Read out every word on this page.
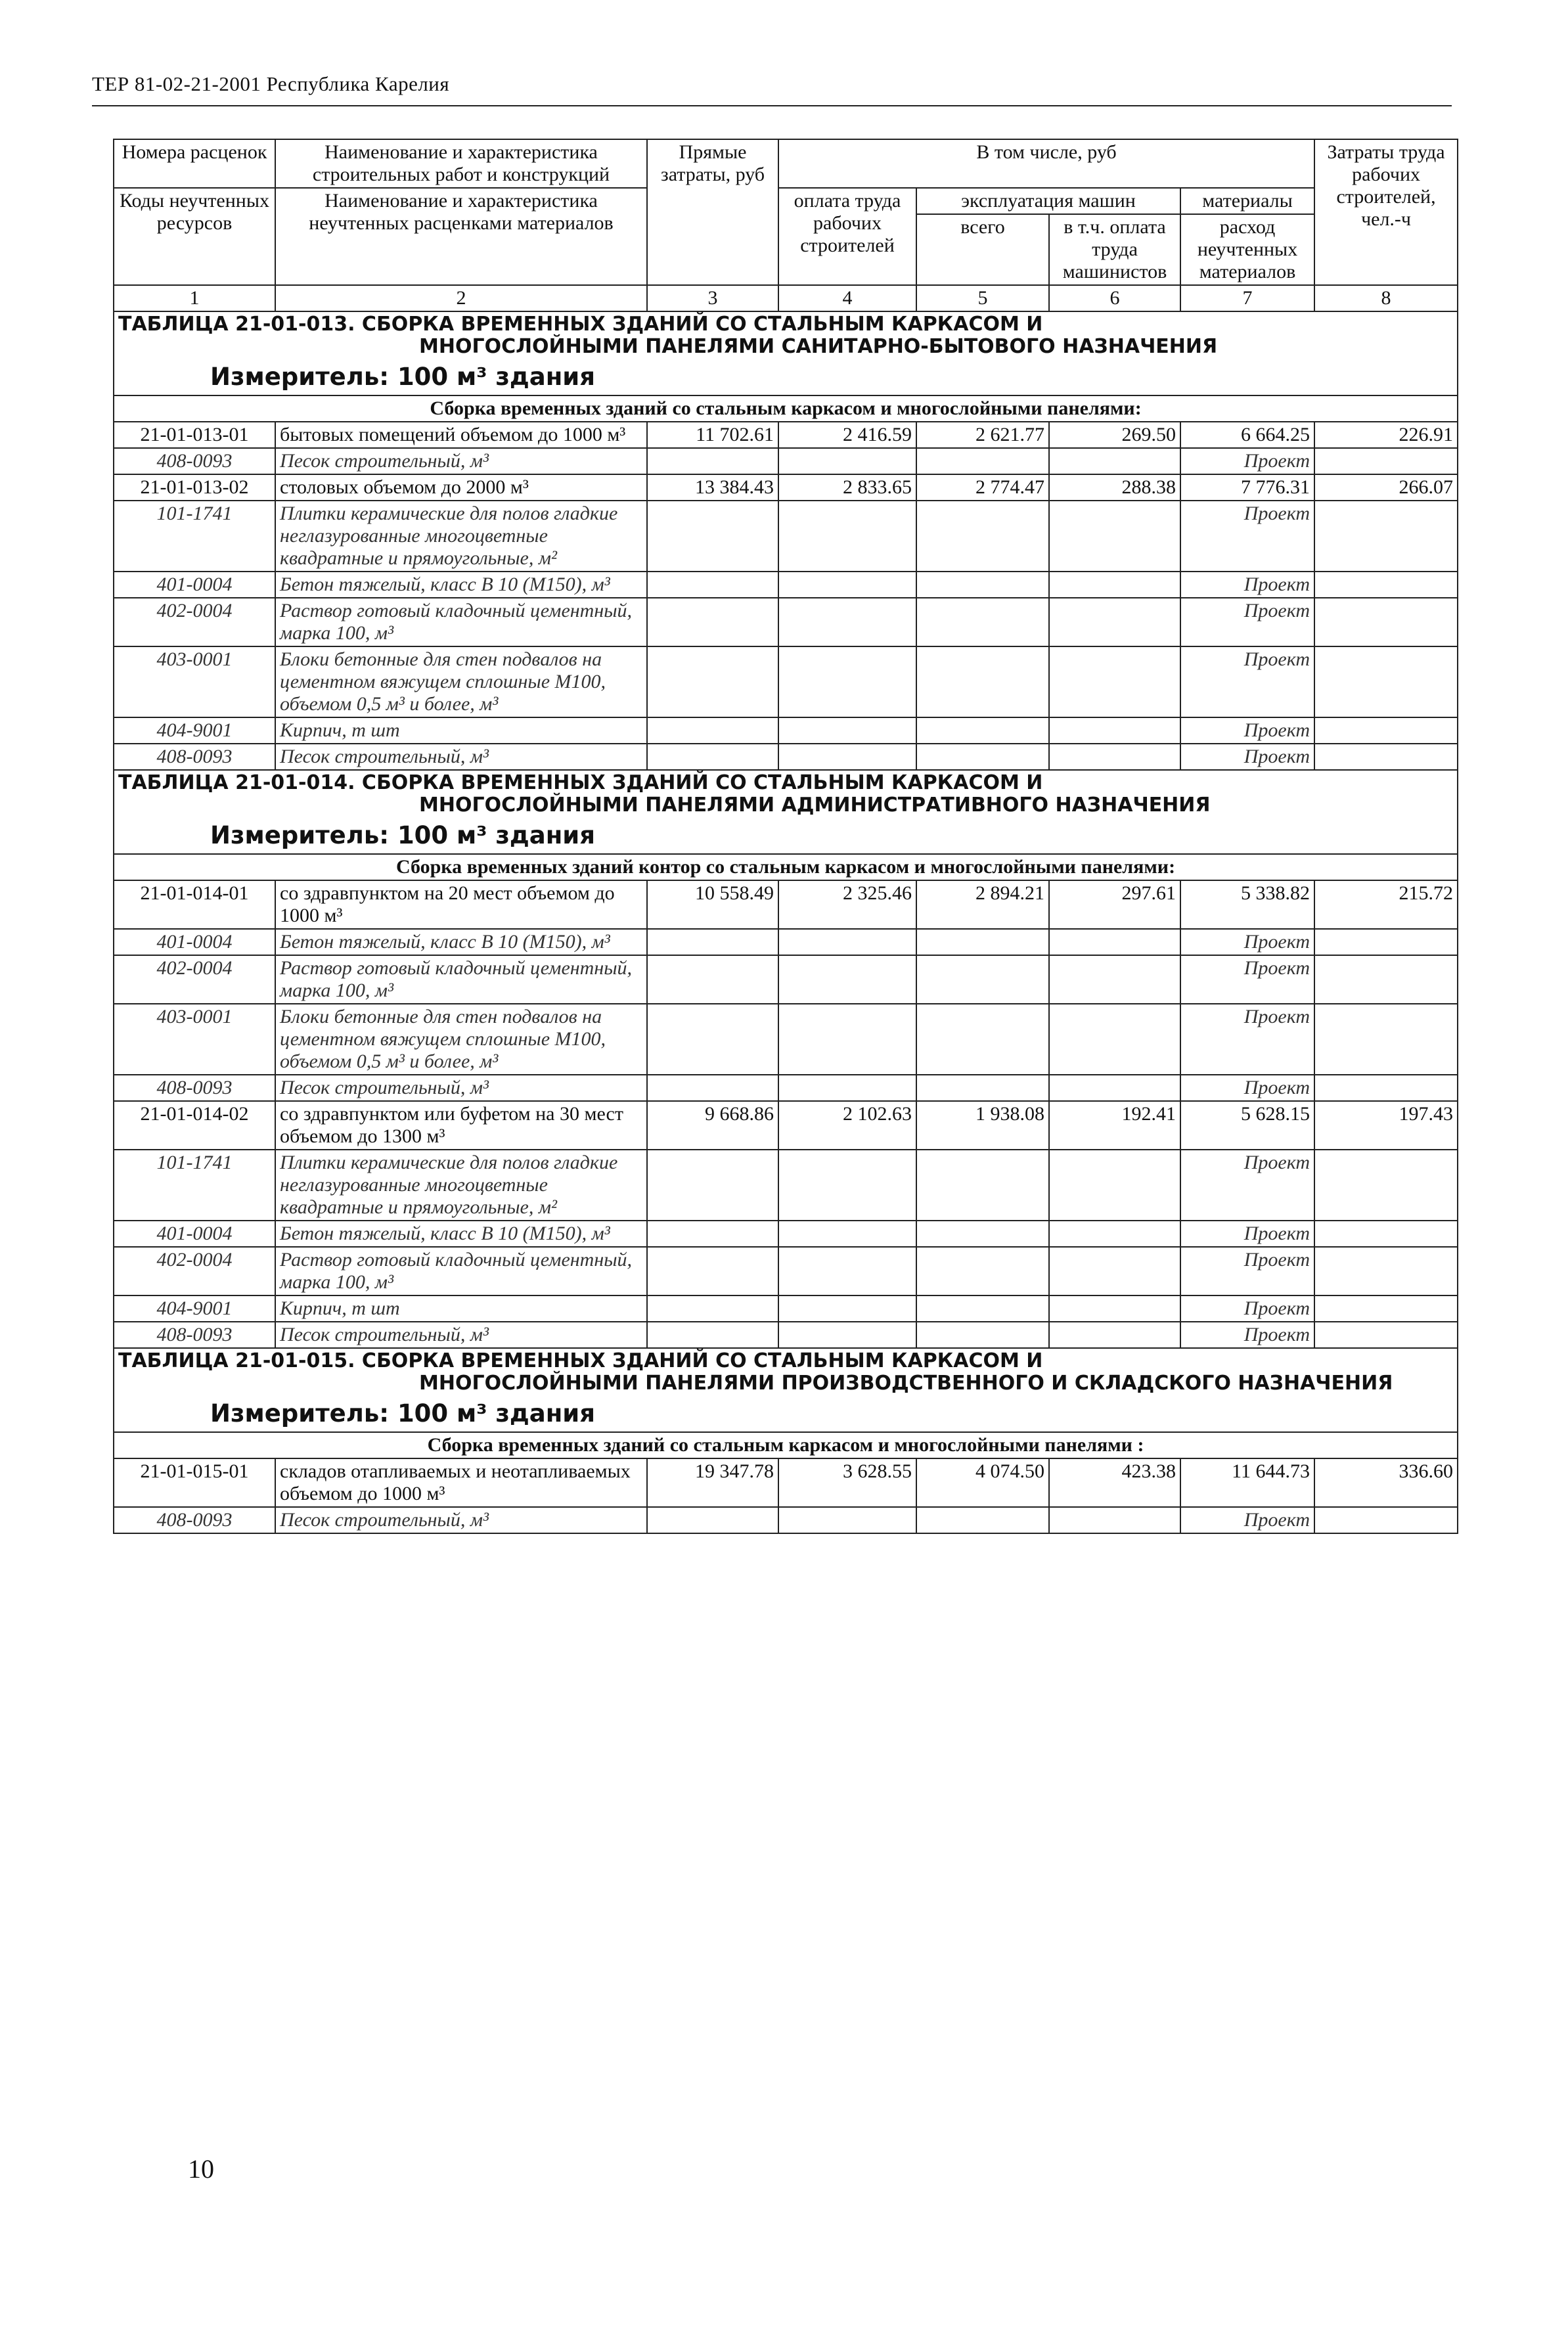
ТЕР 81-02-21-2001 Республика Карелия
Номера расценок	Наименование и характеристика строительных работ и конструкций	Прямые затраты, руб	В том числе, руб				Затраты труда рабочих строителей, чел.-ч
Коды неучтенных ресурсов	Наименование и характеристика неучтенных расценками материалов		оплата труда рабочих строителей	эксплуатация машин		материалы	
				всего	в т.ч. оплата труда машинистов	расход неучтенных материалов	
1	2	3	4	5	6	7	8

ТАБЛИЦА 21-01-013. СБОРКА ВРЕМЕННЫХ ЗДАНИЙ СО СТАЛЬНЫМ КАРКАСОМ И
МНОГОСЛОЙНЫМИ ПАНЕЛЯМИ САНИТАРНО-БЫТОВОГО НАЗНАЧЕНИЯ
Измеритель: 100 м³ здания							

Сборка временных зданий со стальным каркасом и многослойными панелями:							
21-01-013-01	бытовых помещений объемом до 1000 м³	11 702.61	2 416.59	2 621.77	269.50	6 664.25	226.91
408-0093	Песок строительный, м³					Проект	
21-01-013-02	столовых объемом до 2000 м³	13 384.43	2 833.65	2 774.47	288.38	7 776.31	266.07
101-1741	Плитки керамические для полов гладкие неглазурованные многоцветные квадратные и прямоугольные, м²					Проект	
401-0004	Бетон тяжелый, класс В 10 (М150), м³					Проект	
402-0004	Раствор готовый кладочный цементный, марка 100, м³					Проект	
403-0001	Блоки бетонные для стен подвалов на цементном вяжущем сплошные М100, объемом 0,5 м³ и более, м³					Проект	
404-9001	Кирпич, т шт					Проект	
408-0093	Песок строительный, м³					Проект	

ТАБЛИЦА 21-01-014. СБОРКА ВРЕМЕННЫХ ЗДАНИЙ СО СТАЛЬНЫМ КАРКАСОМ И
МНОГОСЛОЙНЫМИ ПАНЕЛЯМИ АДМИНИСТРАТИВНОГО НАЗНАЧЕНИЯ
Измеритель: 100 м³ здания							

Сборка временных зданий контор со стальным каркасом и многослойными панелями:							
21-01-014-01	со здравпунктом на 20 мест объемом до 1000 м³	10 558.49	2 325.46	2 894.21	297.61	5 338.82	215.72
401-0004	Бетон тяжелый, класс В 10 (М150), м³					Проект	
402-0004	Раствор готовый кладочный цементный, марка 100, м³					Проект	
403-0001	Блоки бетонные для стен подвалов на цементном вяжущем сплошные М100, объемом 0,5 м³ и более, м³					Проект	
408-0093	Песок строительный, м³					Проект	
21-01-014-02	со здравпунктом или буфетом на 30 мест объемом до 1300 м³	9 668.86	2 102.63	1 938.08	192.41	5 628.15	197.43
101-1741	Плитки керамические для полов гладкие неглазурованные многоцветные квадратные и прямоугольные, м²					Проект	
401-0004	Бетон тяжелый, класс В 10 (М150), м³					Проект	
402-0004	Раствор готовый кладочный цементный, марка 100, м³					Проект	
404-9001	Кирпич, т шт					Проект	
408-0093	Песок строительный, м³					Проект	

ТАБЛИЦА 21-01-015. СБОРКА ВРЕМЕННЫХ ЗДАНИЙ СО СТАЛЬНЫМ КАРКАСОМ И
МНОГОСЛОЙНЫМИ ПАНЕЛЯМИ ПРОИЗВОДСТВЕННОГО И СКЛАДСКОГО НАЗНАЧЕНИЯ
Измеритель: 100 м³ здания							

Сборка временных зданий со стальным каркасом и многослойными панелями :							
21-01-015-01	складов отапливаемых и неотапливаемых объемом до 1000 м³	19 347.78	3 628.55	4 074.50	423.38	11 644.73	336.60
408-0093	Песок строительный, м³					Проект	
10
